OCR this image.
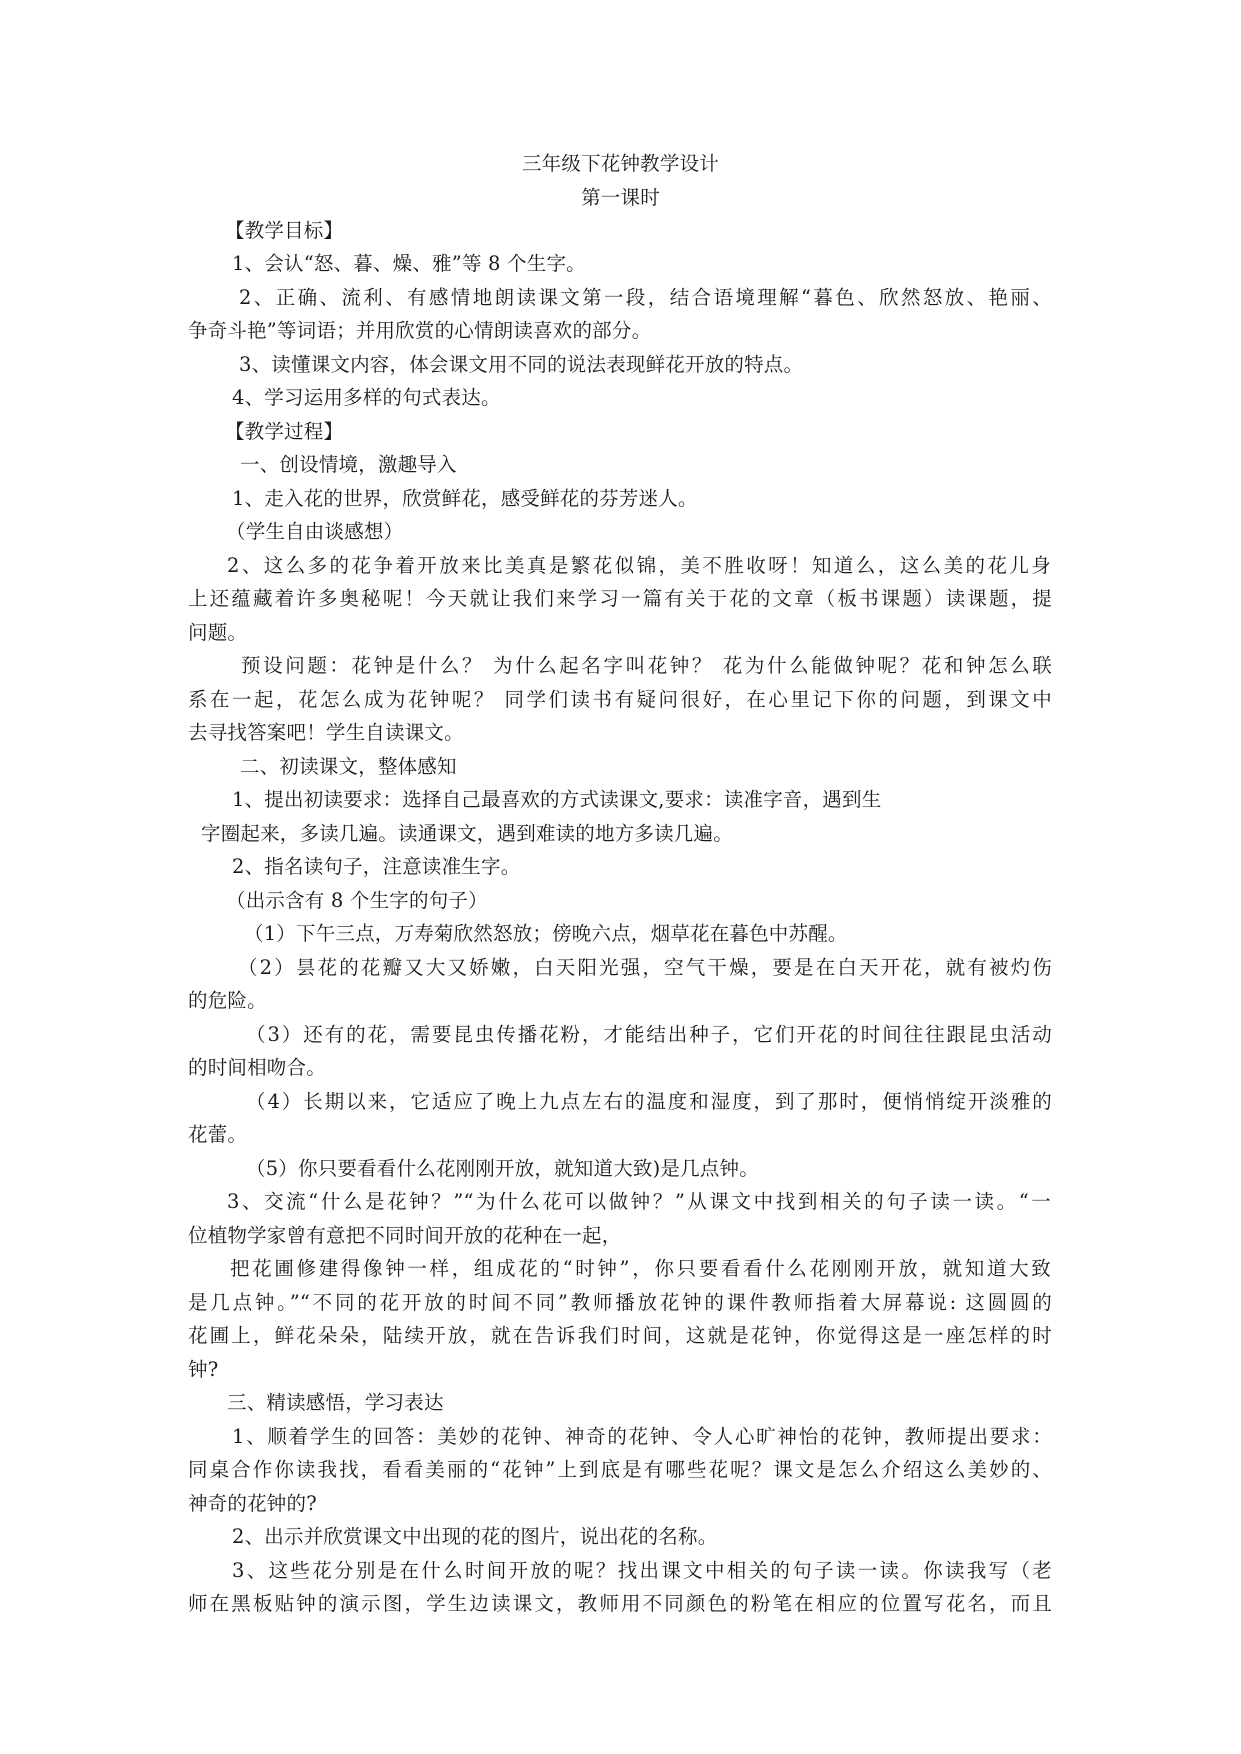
三年级下花钟教学设计
第一课时
【教学目标】
1、会认“怒、暮、燥、雅”等 8 个生字。
2、正确、流利、有感情地朗读课文第一段，结合语境理解“暮色、欣然怒放、艳丽、
争奇斗艳”等词语；并用欣赏的心情朗读喜欢的部分。
3、读懂课文内容，体会课文用不同的说法表现鲜花开放的特点。
4、学习运用多样的句式表达。
【教学过程】
一、创设情境，激趣导入
1、走入花的世界，欣赏鲜花，感受鲜花的芬芳迷人。
（学生自由谈感想）
2、这么多的花争着开放来比美真是繁花似锦，美不胜收呀！知道么，这么美的花儿身
上还蕴藏着许多奥秘呢！今天就让我们来学习一篇有关于花的文章（板书课题）读课题，提
问题。
预设问题：花钟是什么？ 为什么起名字叫花钟？ 花为什么能做钟呢？花和钟怎么联
系在一起，花怎么成为花钟呢？ 同学们读书有疑问很好，在心里记下你的问题，到课文中
去寻找答案吧！学生自读课文。
二、初读课文，整体感知
1、提出初读要求：选择自己最喜欢的方式读课文,要求：读准字音，遇到生
字圈起来，多读几遍。读通课文，遇到难读的地方多读几遍。
2、指名读句子，注意读准生字。
（出示含有 8 个生字的句子）
（1）下午三点，万寿菊欣然怒放；傍晚六点，烟草花在暮色中苏醒。
（2）昙花的花瓣又大又娇嫩，白天阳光强，空气干燥，要是在白天开花，就有被灼伤
的危险。
（3）还有的花，需要昆虫传播花粉，才能结出种子，它们开花的时间往往跟昆虫活动
的时间相吻合。
（4）长期以来，它适应了晚上九点左右的温度和湿度，到了那时，便悄悄绽开淡雅的
花蕾。
（5）你只要看看什么花刚刚开放，就知道大致)是几点钟。
3、交流“什么是花钟？”“为什么花可以做钟？”从课文中找到相关的句子读一读。“一
位植物学家曾有意把不同时间开放的花种在一起，
把花圃修建得像钟一样，组成花的“时钟”，你只要看看什么花刚刚开放，就知道大致
是几点钟。”“不同的花开放的时间不同”教师播放花钟的课件教师指着大屏幕说: 这圆圆的
花圃上，鲜花朵朵，陆续开放，就在告诉我们时间，这就是花钟，你觉得这是一座怎样的时
钟?
三、精读感悟，学习表达
1、顺着学生的回答：美妙的花钟、神奇的花钟、令人心旷神怡的花钟，教师提出要求：
同桌合作你读我找，看看美丽的“花钟”上到底是有哪些花呢？课文是怎么介绍这么美妙的、
神奇的花钟的?
2、出示并欣赏课文中出现的花的图片，说出花的名称。
3、这些花分别是在什么时间开放的呢？找出课文中相关的句子读一读。你读我写（老
师在黑板贴钟的演示图，学生边读课文，教师用不同颜色的粉笔在相应的位置写花名，而且
